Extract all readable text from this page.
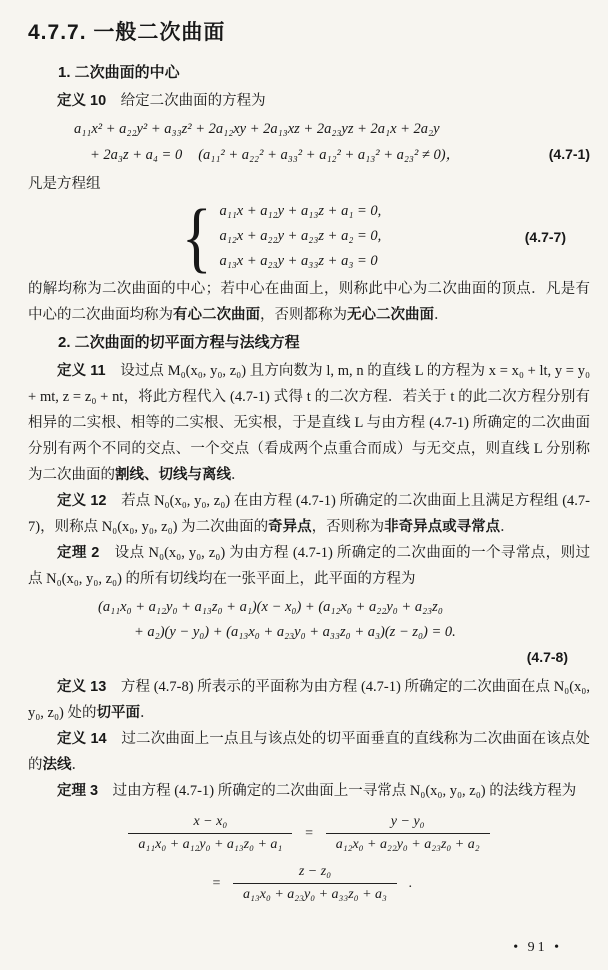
4.7.7. 一般二次曲面
1. 二次曲面的中心

定义 10　给定二次曲面的方程为

a₁₁x² + a₂₂y² + a₃₃z² + 2a₁₂xy + 2a₁₃xz + 2a₂₃yz + 2a₁x + 2a₂y
+ 2a₃z + a₄ = 0 (a₁₁² + a₂₂² + a₃₃² + a₁₂² + a₁₃² + a₂₃² ≠ 0)，	(4.7-1)

凡是方程组

{ a₁₁x + a₁₂y + a₁₃z + a₁ = 0,
a₁₂x + a₂₂y + a₂₃z + a₂ = 0,
a₁₃x + a₂₃y + a₃₃z + a₃ = 0
(4.7-7)

的解均称为二次曲面的中心；若中心在曲面上，则称此中心为二次曲面的顶点．凡是有中心的二次曲面均称为有心二次曲面，否则都称为无心二次曲面．

2. 二次曲面的切平面方程与法线方程

定义 11　设过点 M₀(x₀, y₀, z₀) 且方向数为 l, m, n 的直线 L 的方程为 x = x₀ + lt, y = y₀ + mt, z = z₀ + nt，将此方程代入 (4.7-1) 式得 t 的二次方程．若关于 t 的此二次方程分别有相异的二实根、相等的二实根、无实根，于是直线 L 与由方程 (4.7-1) 所确定的二次曲面分别有两个不同的交点、一个交点（看成两个点重合而成）与无交点，则直线 L 分别称为二次曲面的割线、切线与离线．

定义 12　若点 N₀(x₀, y₀, z₀) 在由方程 (4.7-1) 所确定的二次曲面上且满足方程组 (4.7-7)，则称点 N₀(x₀, y₀, z₀) 为二次曲面的奇异点，否则称为非奇异点或寻常点．

定理 2　设点 N₀(x₀, y₀, z₀) 为由方程 (4.7-1) 所确定的二次曲面的一个寻常点，则过点 N₀(x₀, y₀, z₀) 的所有切线均在一张平面上，此平面的方程为

(a₁₁x₀ + a₁₂y₀ + a₁₃z₀ + a₁)(x − x₀) + (a₁₂x₀ + a₂₂y₀ + a₂₃z₀
+ a₂)(y − y₀) + (a₁₃x₀ + a₂₃y₀ + a₃₃z₀ + a₃)(z − z₀) = 0.
(4.7-8)

定义 13　方程 (4.7-8) 所表示的平面称为由方程 (4.7-1) 所确定的二次曲面在点 N₀(x₀, y₀, z₀) 处的切平面．

定义 14　过二次曲面上一点且与该点处的切平面垂直的直线称为二次曲面在该点处的法线．

定理 3　过由方程 (4.7-1) 所确定的二次曲面上一寻常点 N₀(x₀, y₀, z₀) 的法线方程为

$\frac{\text{x − x₀}}{\text{a₁₁x₀ + a₁₂y₀ + a₁₃z₀ + a₁}} = \frac{\text{y − y₀}}{\text{a₁₂x₀ + a₂₂y₀ + a₂₃z₀ + a₂}}$
= $\frac{\text{z − z₀}}{\text{a₁₃x₀ + a₂₃y₀ + a₃₃z₀ + a₃}}$ .
• 91 •
